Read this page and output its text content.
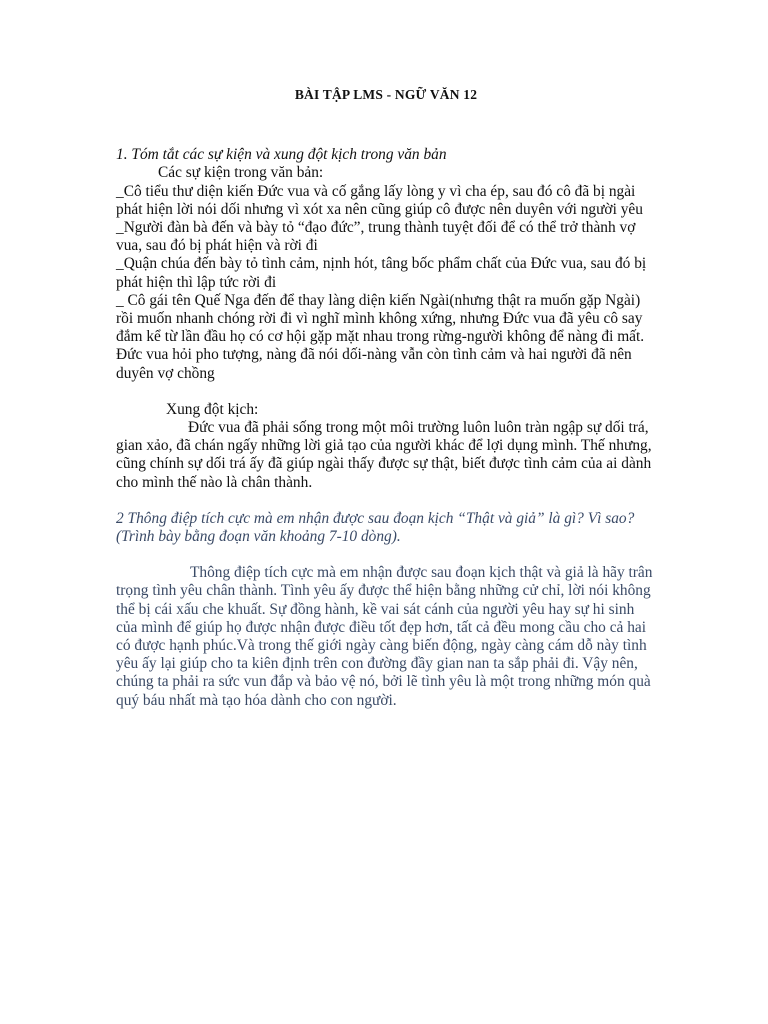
BÀI TẬP LMS - NGỮ VĂN 12

1. Tóm tắt các sự kiện và xung đột kịch trong văn bản

Các sự kiện trong văn bản:

_Cô tiểu thư diện kiến Đức vua và cố gắng lấy lòng y vì cha ép, sau đó cô đã bị ngài phát hiện lời nói dối nhưng vì xót xa nên cũng giúp cô được nên duyên với người yêu

_Người đàn bà đến và bày tỏ “đạo đức”, trung thành tuyệt đối để có thể trở thành vợ vua, sau đó bị phát hiện và rời đi

_Quận chúa đến bày tỏ tình cảm, nịnh hót, tâng bốc phẩm chất của Đức vua, sau đó bị phát hiện thì lập tức rời đi

_ Cô gái tên Quế Nga đến để thay làng diện kiến Ngài(nhưng thật ra muốn gặp Ngài) rồi muốn nhanh chóng rời đi vì nghĩ mình không xứng, nhưng Đức vua đã yêu cô say đắm kể từ lần đầu họ có cơ hội gặp mặt nhau trong rừng-người không để nàng đi mất. Đức vua hỏi pho tượng, nàng đã nói dối-nàng vẫn còn tình cảm và hai người đã nên duyên vợ chồng

Xung đột kịch:

Đức vua đã phải sống trong một môi trường luôn luôn tràn ngập sự dối trá, gian xảo, đã chán ngấy những lời giả tạo của người khác để lợi dụng mình. Thế nhưng, cũng chính sự dối trá ấy đã giúp ngài thấy được sự thật, biết được tình cảm của ai dành cho mình thế nào là chân thành.

2 Thông điệp tích cực mà em nhận được sau đoạn kịch “Thật và giả” là gì? Vì sao? (Trình bày bằng đoạn văn khoảng 7-10 dòng).

Thông điệp tích cực mà em nhận được sau đoạn kịch thật và giả là hãy trân trọng tình yêu chân thành. Tình yêu ấy được thể hiện bằng những cử chỉ, lời nói không thể bị cái xấu che khuất. Sự đồng hành, kề vai sát cánh của người yêu hay sự hi sinh của mình để giúp họ được nhận được điều tốt đẹp hơn, tất cả đều mong cầu cho cả hai có được hạnh phúc.Và trong thế giới ngày càng biến động, ngày càng cám dỗ này tình yêu ấy lại giúp cho ta kiên định trên con đường đầy gian nan ta sắp phải đi. Vậy nên, chúng ta phải ra sức vun đắp và bảo vệ nó, bởi lẽ tình yêu là một trong những món quà quý báu nhất mà tạo hóa dành cho con người.
